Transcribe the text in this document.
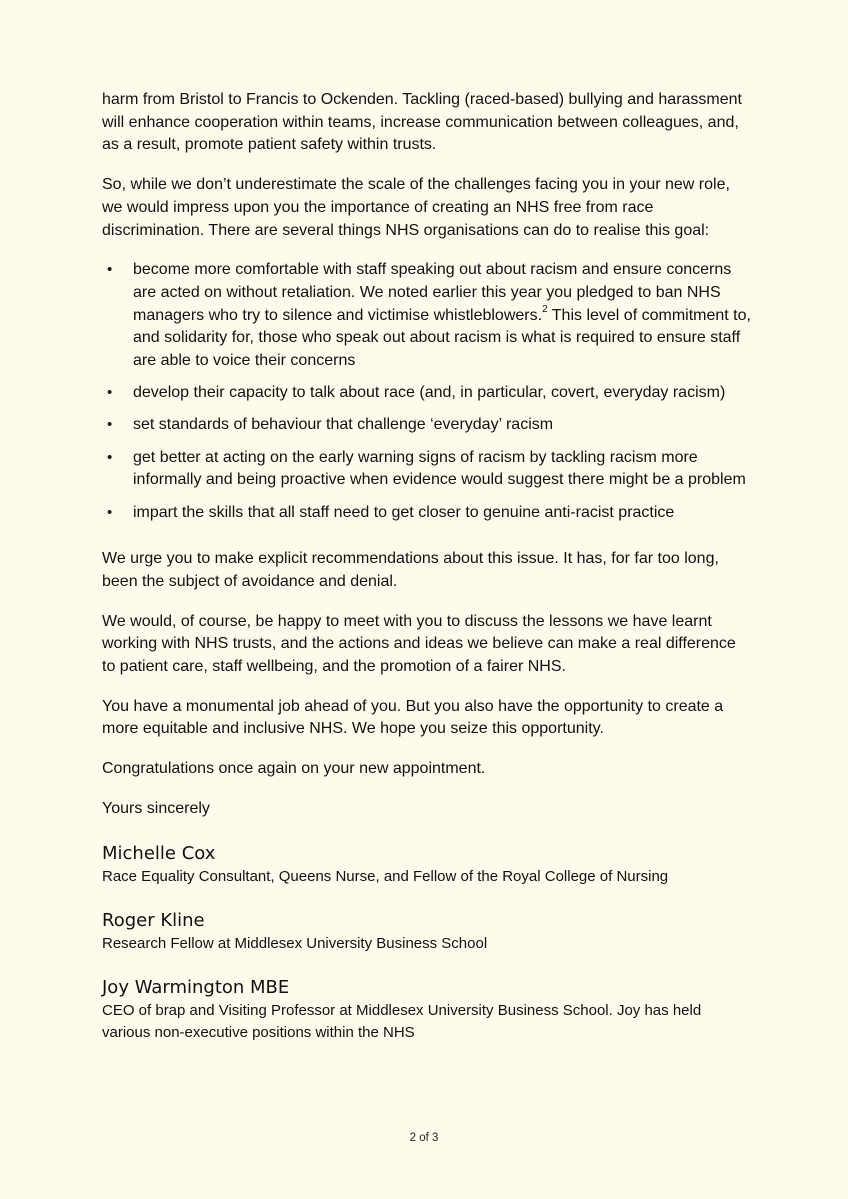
harm from Bristol to Francis to Ockenden. Tackling (raced-based) bullying and harassment will enhance cooperation within teams, increase communication between colleagues, and, as a result, promote patient safety within trusts.

So, while we don’t underestimate the scale of the challenges facing you in your new role, we would impress upon you the importance of creating an NHS free from race discrimination. There are several things NHS organisations can do to realise this goal:

• become more comfortable with staff speaking out about racism and ensure concerns are acted on without retaliation. We noted earlier this year you pledged to ban NHS managers who try to silence and victimise whistleblowers.$^2$ This level of commitment to, and solidarity for, those who speak out about racism is what is required to ensure staff are able to voice their concerns
• develop their capacity to talk about race (and, in particular, covert, everyday racism)
• set standards of behaviour that challenge ‘everyday’ racism
• get better at acting on the early warning signs of racism by tackling racism more informally and being proactive when evidence would suggest there might be a problem
• impart the skills that all staff need to get closer to genuine anti-racist practice

We urge you to make explicit recommendations about this issue. It has, for far too long, been the subject of avoidance and denial.

We would, of course, be happy to meet with you to discuss the lessons we have learnt working with NHS trusts, and the actions and ideas we believe can make a real difference to patient care, staff wellbeing, and the promotion of a fairer NHS.

You have a monumental job ahead of you. But you also have the opportunity to create a more equitable and inclusive NHS. We hope you seize this opportunity.

Congratulations once again on your new appointment.

Yours sincerely

Michelle Cox
Race Equality Consultant, Queens Nurse, and Fellow of the Royal College of Nursing
Roger Kline
Research Fellow at Middlesex University Business School
Joy Warmington MBE
CEO of brap and Visiting Professor at Middlesex University Business School. Joy has held various non-executive positions within the NHS
2 of 3
